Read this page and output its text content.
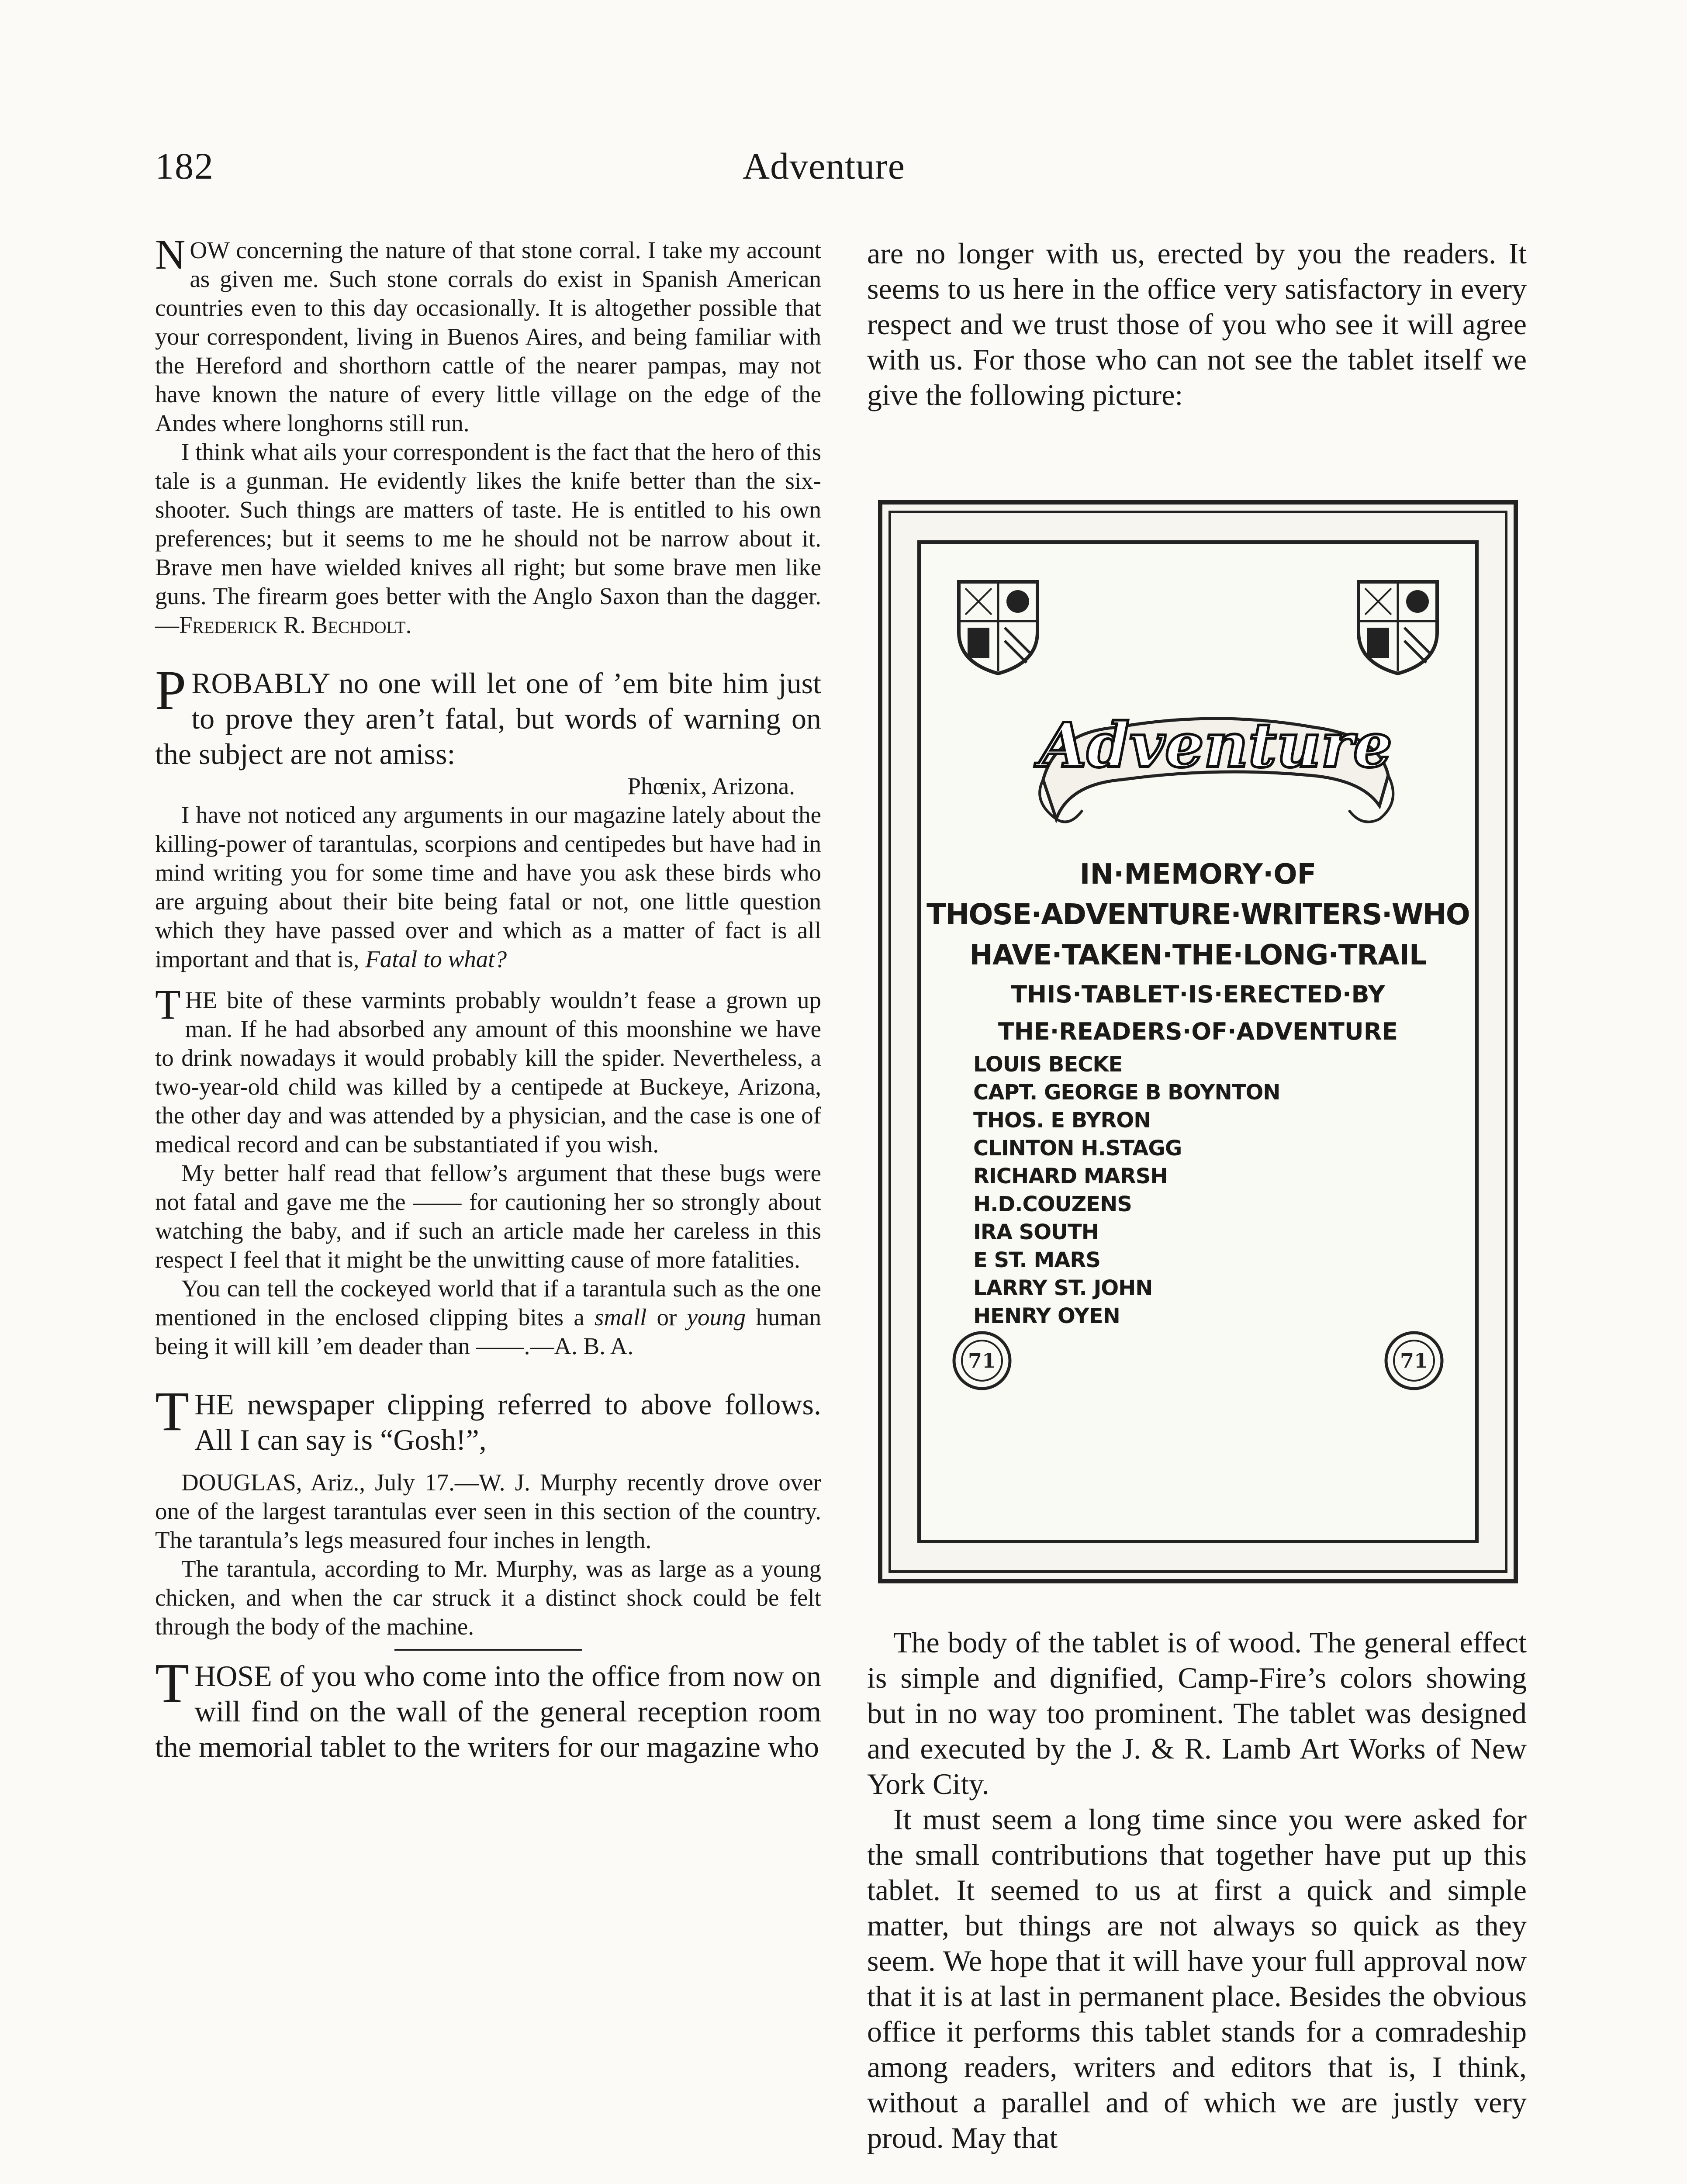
182	Adventure

NOW concerning the nature of that stone corral. I take my account as given me. Such stone corrals do exist in Spanish American countries even to this day occasionally. It is altogether possible that your correspondent, living in Buenos Aires, and being familiar with the Hereford and shorthorn cattle of the nearer pampas, may not have known the nature of every little village on the edge of the Andes where longhorns still run.

I think what ails your correspondent is the fact that the hero of this tale is a gunman. He evidently likes the knife better than the six-shooter. Such things are matters of taste. He is entitled to his own preferences; but it seems to me he should not be narrow about it. Brave men have wielded knives all right; but some brave men like guns. The firearm goes better with the Anglo Saxon than the dagger.—Frederick R. Bechdolt.

PROBABLY no one will let one of ’em bite him just to prove they aren’t fatal, but words of warning on the subject are not amiss:

Phœnix, Arizona.

I have not noticed any arguments in our magazine lately about the killing-power of tarantulas, scorpions and centipedes but have had in mind writing you for some time and have you ask these birds who are arguing about their bite being fatal or not, one little question which they have passed over and which as a matter of fact is all important and that is, Fatal to what?

THE bite of these varmints probably wouldn’t fease a grown up man. If he had absorbed any amount of this moonshine we have to drink nowadays it would probably kill the spider. Nevertheless, a two-year-old child was killed by a centipede at Buckeye, Arizona, the other day and was attended by a physician, and the case is one of medical record and can be substantiated if you wish.

My better half read that fellow’s argument that these bugs were not fatal and gave me the —— for cautioning her so strongly about watching the baby, and if such an article made her careless in this respect I feel that it might be the unwitting cause of more fatalities.

You can tell the cockeyed world that if a tarantula such as the one mentioned in the enclosed clipping bites a small or young human being it will kill ’em deader than ——.—A. B. A.

THE newspaper clipping referred to above follows. All I can say is “Gosh!”,

DOUGLAS, Ariz., July 17.—W. J. Murphy recently drove over one of the largest tarantulas ever seen in this section of the country. The tarantula’s legs measured four inches in length.

The tarantula, according to Mr. Murphy, was as large as a young chicken, and when the car struck it a distinct shock could be felt through the body of the machine.

THOSE of you who come into the office from now on will find on the wall of the general reception room the memorial tablet to the writers for our magazine who

are no longer with us, erected by you the readers. It seems to us here in the office very satisfactory in every respect and we trust those of you who see it will agree with us. For those who can not see the tablet itself we give the following picture:

Adventure
IN·MEMORY·OF
THOSE·ADVENTURE·WRITERS·WHO
HAVE·TAKEN·THE·LONG·TRAIL
THIS·TABLET·IS·ERECTED·BY
THE·READERS·OF·ADVENTURE
LOUIS BECKE
CAPT. GEORGE B BOYNTON
THOS. E BYRON
CLINTON H.STAGG
RICHARD MARSH
H.D.COUZENS
IRA SOUTH
E ST. MARS
LARRY ST. JOHN
HENRY OYEN
71	71

The body of the tablet is of wood. The general effect is simple and dignified, Camp-Fire’s colors showing but in no way too prominent. The tablet was designed and executed by the J. & R. Lamb Art Works of New York City.

It must seem a long time since you were asked for the small contributions that together have put up this tablet. It seemed to us at first a quick and simple matter, but things are not always so quick as they seem. We hope that it will have your full approval now that it is at last in permanent place. Besides the obvious office it performs this tablet stands for a comradeship among readers, writers and editors that is, I think, without a parallel and of which we are justly very proud. May that
